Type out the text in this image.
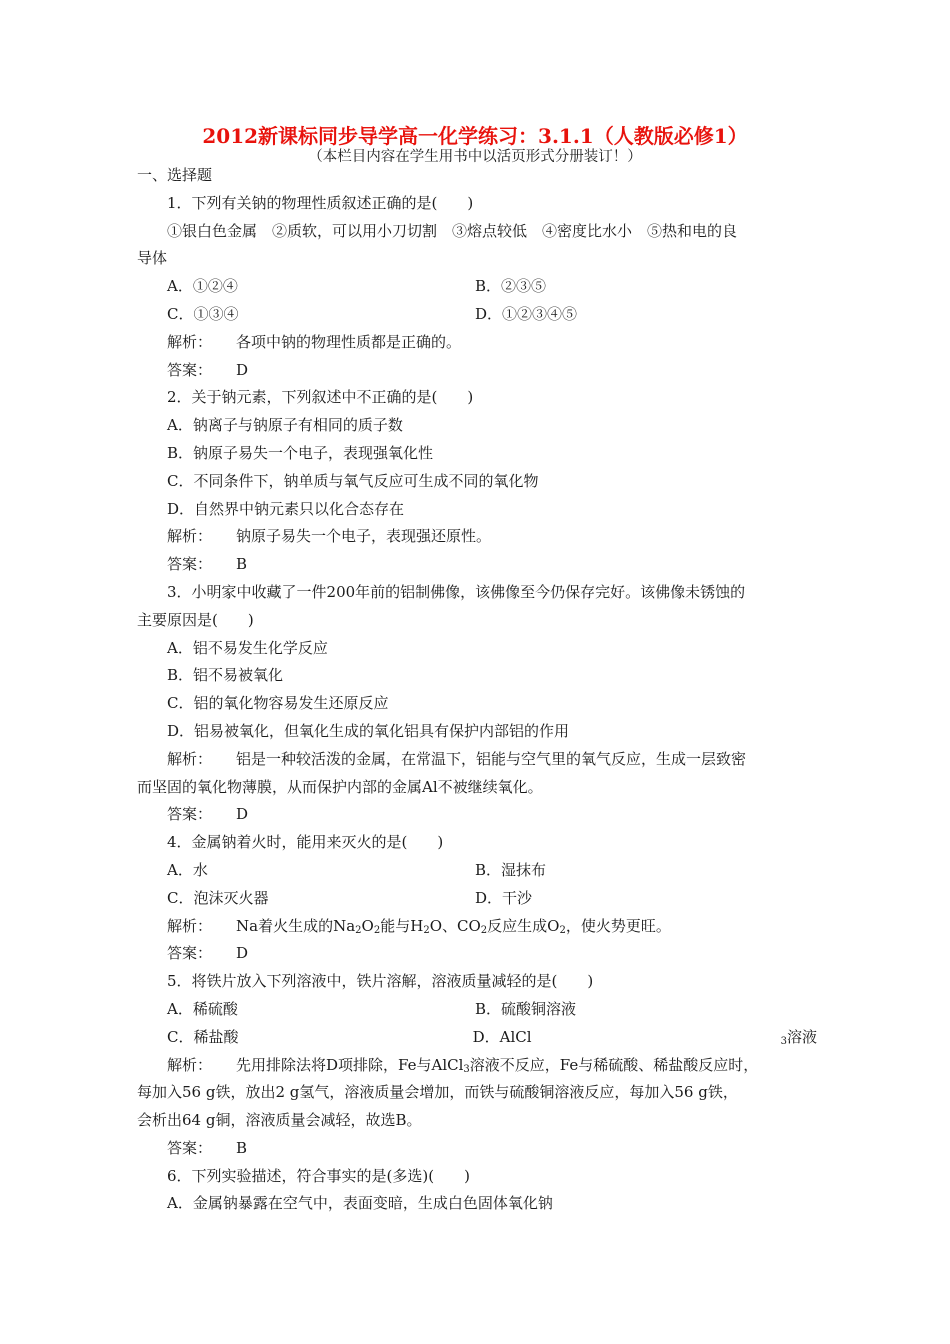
2012新课标同步导学高一化学练习：3.1.1（人教版必修1）
（本栏目内容在学生用书中以活页形式分册装订！）
一、选择题
1．下列有关钠的物理性质叙述正确的是(　　)
①银白色金属　②质软，可以用小刀切割　③熔点较低　④密度比水小　⑤热和电的良
导体
A．①②④	B．②③⑤
C．①③④	D．①②③④⑤
解析： 各项中钠的物理性质都是正确的。
答案： D
2．关于钠元素，下列叙述中不正确的是(　　)
A．钠离子与钠原子有相同的质子数
B．钠原子易失一个电子，表现强氧化性
C．不同条件下，钠单质与氧气反应可生成不同的氧化物
D．自然界中钠元素只以化合态存在
解析： 钠原子易失一个电子，表现强还原性。
答案： B
3．小明家中收藏了一件200年前的铝制佛像，该佛像至今仍保存完好。该佛像未锈蚀的
主要原因是(　　)
A．铝不易发生化学反应
B．铝不易被氧化
C．铝的氧化物容易发生还原反应
D．铝易被氧化，但氧化生成的氧化铝具有保护内部铝的作用
解析： 铝是一种较活泼的金属，在常温下，铝能与空气里的氧气反应，生成一层致密
而坚固的氧化物薄膜，从而保护内部的金属Al不被继续氧化。
答案： D
4．金属钠着火时，能用来灭火的是(　　)
A．水	B．湿抹布
C．泡沫灭火器	D．干沙
解析： Na着火生成的$Na_2O_2$能与$H_2O$、$CO_2$反应生成$O_2$，使火势更旺。
答案： D
5．将铁片放入下列溶液中，铁片溶解，溶液质量减轻的是(　　)
A．稀硫酸	B．硫酸铜溶液
C．稀盐酸	D．AlCl	$_3$溶液
解析： 先用排除法将D项排除，Fe与AlCl$_3$溶液不反应，Fe与稀硫酸、稀盐酸反应时，
每加入56 g铁，放出2 g氢气，溶液质量会增加，而铁与硫酸铜溶液反应，每加入56 g铁，
会析出64 g铜，溶液质量会减轻，故选B。
答案： B
6．下列实验描述，符合事实的是(多选)(　　)
A．金属钠暴露在空气中，表面变暗，生成白色固体氧化钠
